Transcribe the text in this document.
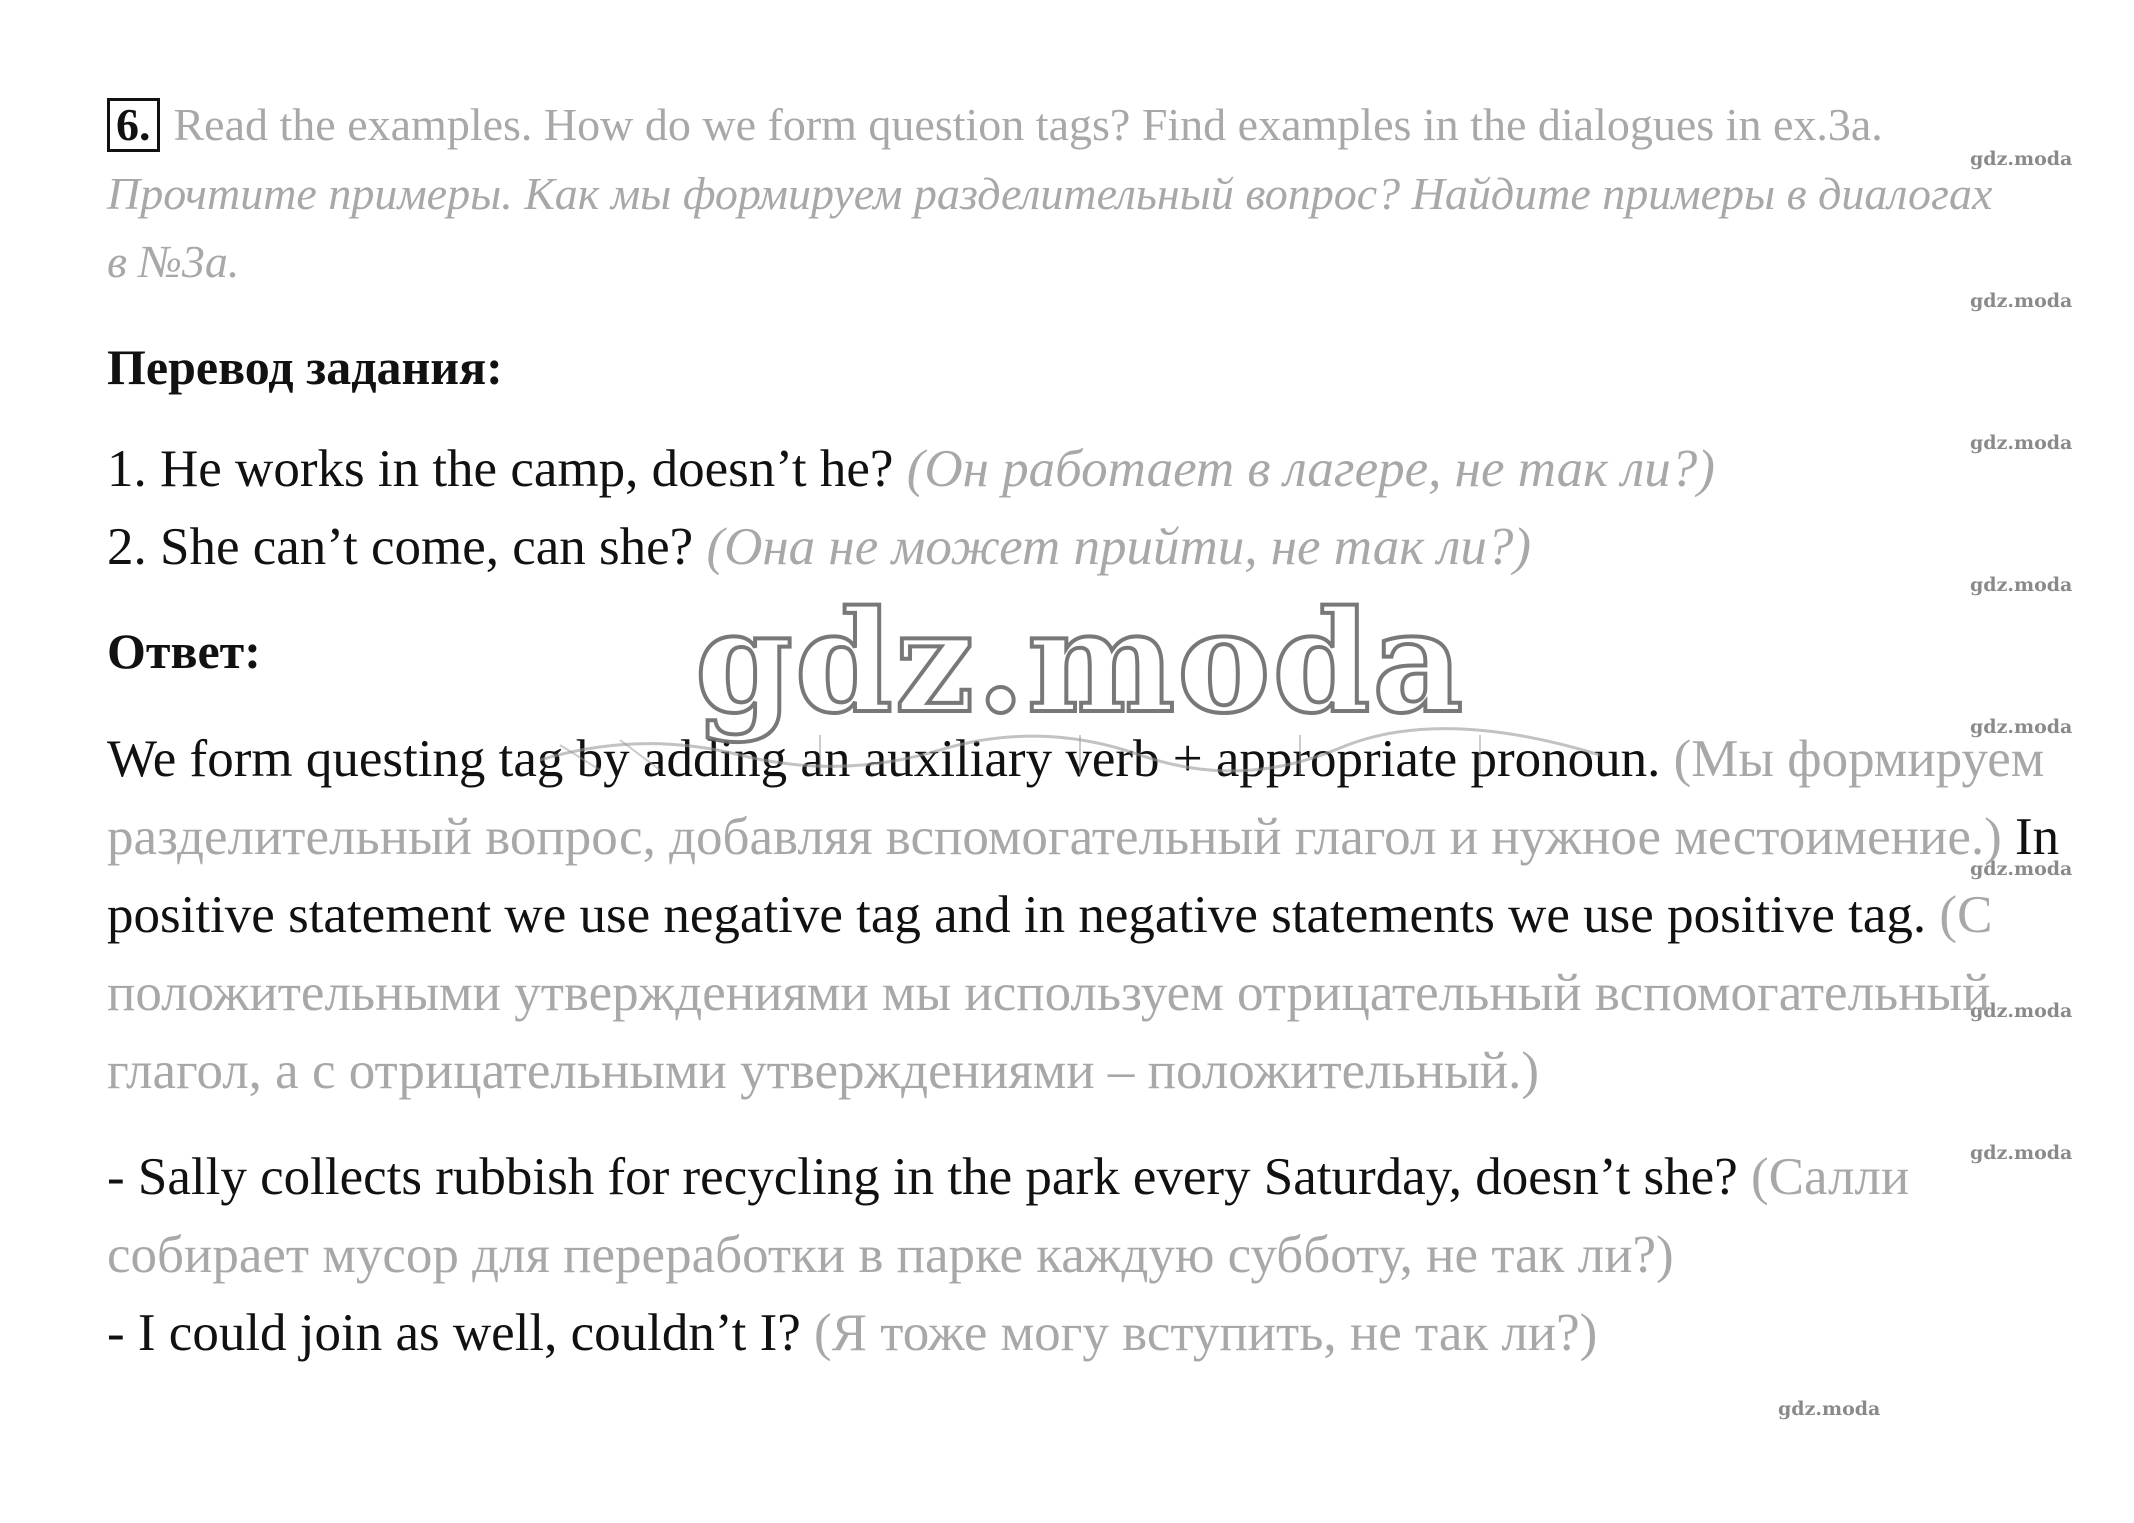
gdz.moda
gdz.moda
gdz.moda
gdz.moda
gdz.moda
gdz.moda
gdz.moda
gdz.moda
gdz.moda
6. Read the examples. How do we form question tags? Find examples in the dialogues in ex.3a.
Прочтите примеры. Как мы формируем разделительный вопрос? Найдите примеры в диалогах в №3а.
Перевод задания:
1. He works in the camp, doesn’t he? (Он работает в лагере, не так ли?)
2. She can’t come, can she? (Она не может прийти, не так ли?)
Ответ:
We form questing tag by adding an auxiliary verb + appropriate pronoun. (Мы формируем разделительный вопрос, добавляя вспомогательный глагол и нужное местоимение.) In positive statement we use negative tag and in negative statements we use positive tag. (С положительными утверждениями мы используем отрицательный вспомогательный глагол, а с отрицательными утверждениями – положительный.)
- Sally collects rubbish for recycling in the park every Saturday, doesn’t she? (Салли собирает мусор для переработки в парке каждую субботу, не так ли?)
- I could join as well, couldn’t I? (Я тоже могу вступить, не так ли?)
gdz.moda
